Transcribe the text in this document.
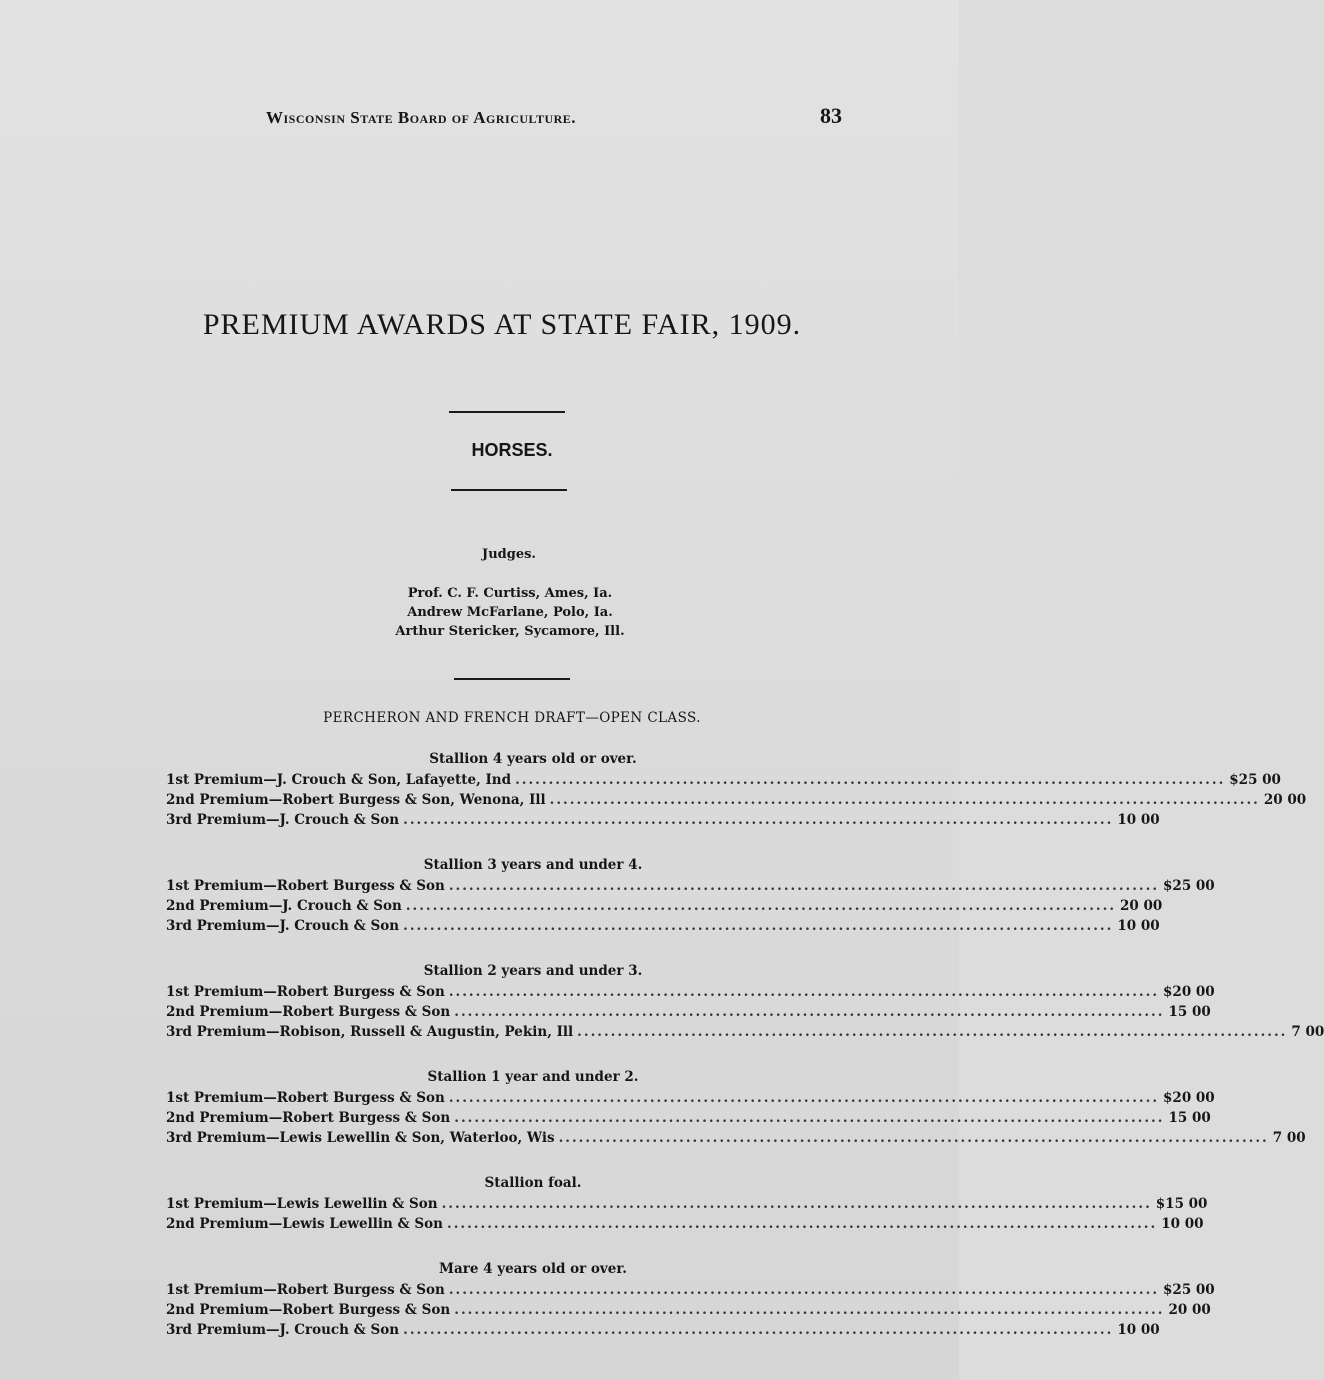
Wisconsin State Board of Agriculture.	83
PREMIUM AWARDS AT STATE FAIR, 1909.
HORSES.
Judges.
Prof. C. F. Curtiss, Ames, Ia.
Andrew McFarlane, Polo, Ia.
Arthur Stericker, Sycamore, Ill.
PERCHERON AND FRENCH DRAFT—OPEN CLASS.
Stallion 4 years old or over.
1st Premium—J. Crouch & Son, Lafayette, Ind .......................................................................................................... $25 00
2nd Premium—Robert Burgess & Son, Wenona, Ill .......................................................................................................... 20 00
3rd Premium—J. Crouch & Son .......................................................................................................... 10 00
Stallion 3 years and under 4.
1st Premium—Robert Burgess & Son .......................................................................................................... $25 00
2nd Premium—J. Crouch & Son .......................................................................................................... 20 00
3rd Premium—J. Crouch & Son .......................................................................................................... 10 00
Stallion 2 years and under 3.
1st Premium—Robert Burgess & Son .......................................................................................................... $20 00
2nd Premium—Robert Burgess & Son .......................................................................................................... 15 00
3rd Premium—Robison, Russell & Augustin, Pekin, Ill .......................................................................................................... 7 00
Stallion 1 year and under 2.
1st Premium—Robert Burgess & Son .......................................................................................................... $20 00
2nd Premium—Robert Burgess & Son .......................................................................................................... 15 00
3rd Premium—Lewis Lewellin & Son, Waterloo, Wis .......................................................................................................... 7 00
Stallion foal.
1st Premium—Lewis Lewellin & Son .......................................................................................................... $15 00
2nd Premium—Lewis Lewellin & Son .......................................................................................................... 10 00
Mare 4 years old or over.
1st Premium—Robert Burgess & Son .......................................................................................................... $25 00
2nd Premium—Robert Burgess & Son .......................................................................................................... 20 00
3rd Premium—J. Crouch & Son .......................................................................................................... 10 00
